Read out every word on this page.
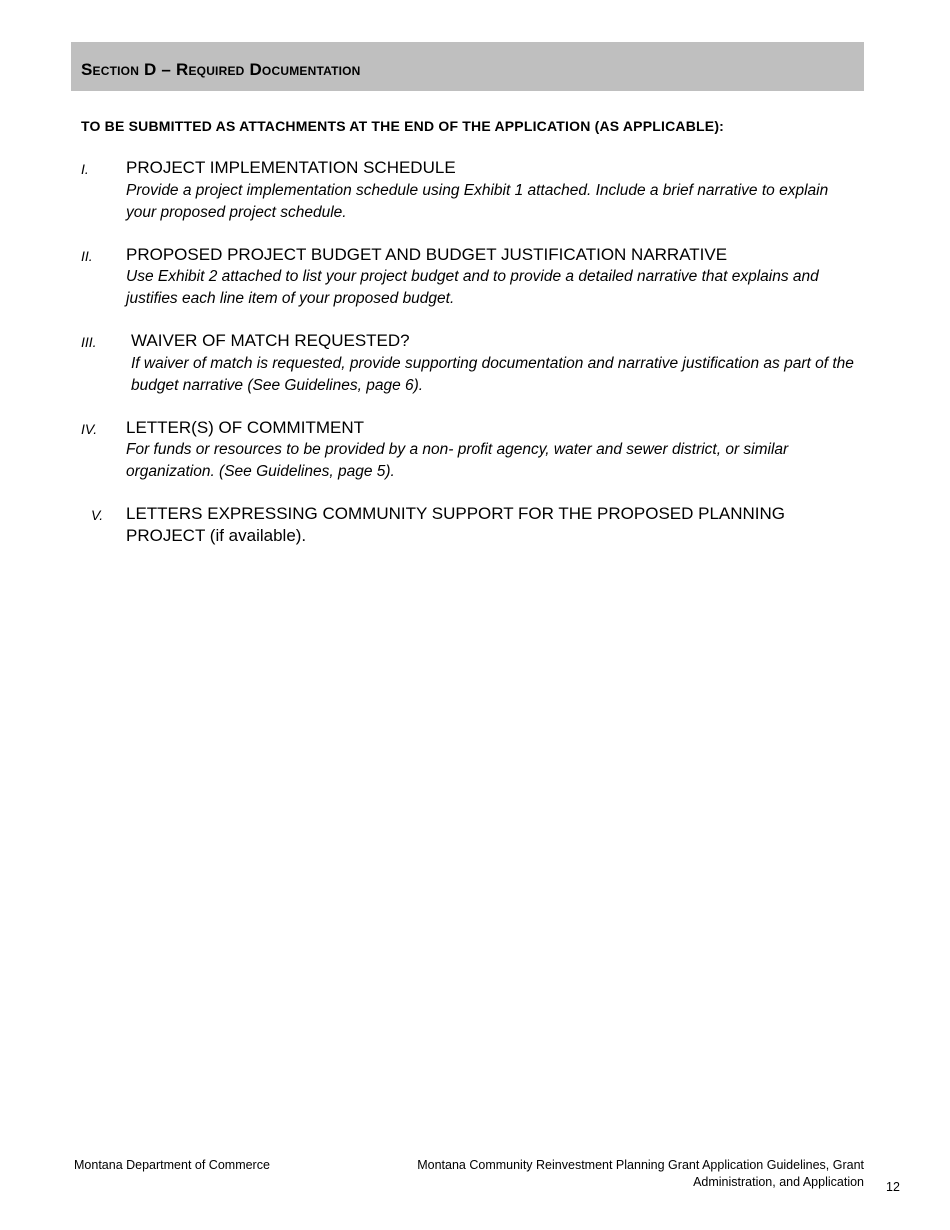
Section D – Required Documentation

TO BE SUBMITTED AS ATTACHMENTS AT THE END OF THE APPLICATION (AS APPLICABLE):

I. PROJECT IMPLEMENTATION SCHEDULE

Provide a project implementation schedule using Exhibit 1 attached. Include a brief narrative to explain your proposed project schedule.

II. PROPOSED PROJECT BUDGET AND BUDGET JUSTIFICATION NARRATIVE

Use Exhibit 2 attached to list your project budget and to provide a detailed narrative that explains and justifies each line item of your proposed budget.

III. WAIVER OF MATCH REQUESTED?

If waiver of match is requested, provide supporting documentation and narrative justification as part of the budget narrative (See Guidelines, page 6).

IV. LETTER(S) OF COMMITMENT

For funds or resources to be provided by a non- profit agency, water and sewer district, or similar organization. (See Guidelines, page 5).

V. LETTERS EXPRESSING COMMUNITY SUPPORT FOR THE PROPOSED PLANNING PROJECT (if available).

Montana Department of Commerce	Montana Community Reinvestment Planning Grant Application Guidelines, Grant Administration, and Application 12
